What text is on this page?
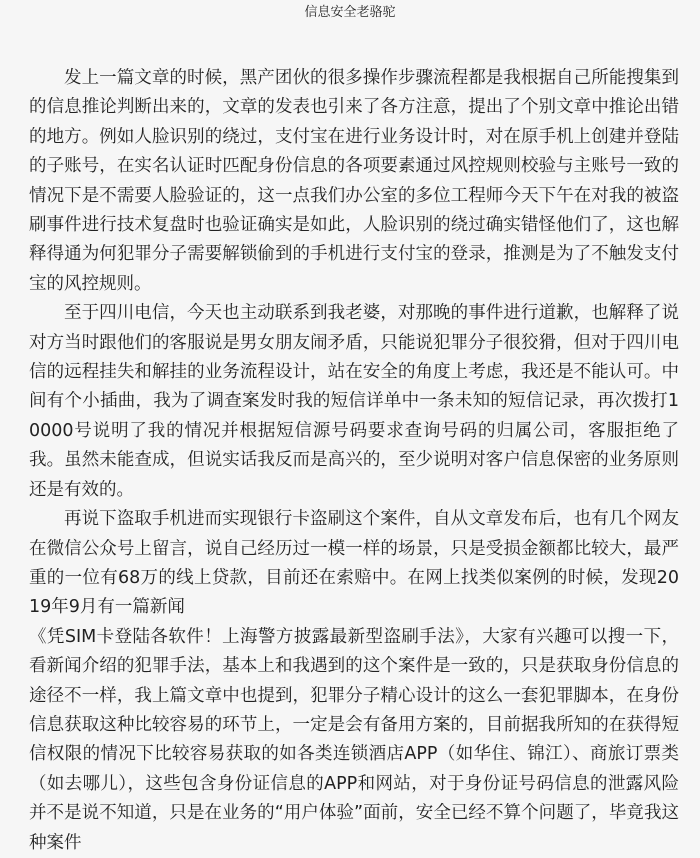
信息安全老骆驼

发上一篇文章的时候，黑产团伙的很多操作步骤流程都是我根据自己所能搜集到的信息推论判断出来的，文章的发表也引来了各方注意，提出了个别文章中推论出错的地方。例如人脸识别的绕过，支付宝在进行业务设计时，对在原手机上创建并登陆的子账号，在实名认证时匹配身份信息的各项要素通过风控规则校验与主账号一致的情况下是不需要人脸验证的，这一点我们办公室的多位工程师今天下午在对我的被盗刷事件进行技术复盘时也验证确实是如此，人脸识别的绕过确实错怪他们了，这也解释得通为何犯罪分子需要解锁偷到的手机进行支付宝的登录，推测是为了不触发支付宝的风控规则。

至于四川电信，今天也主动联系到我老婆，对那晚的事件进行道歉，也解释了说对方当时跟他们的客服说是男女朋友闹矛盾，只能说犯罪分子很狡猾，但对于四川电信的远程挂失和解挂的业务流程设计，站在安全的角度上考虑，我还是不能认可。中间有个小插曲，我为了调查案发时我的短信详单中一条未知的短信记录，再次拨打10000号说明了我的情况并根据短信源号码要求查询号码的归属公司，客服拒绝了我。虽然未能查成，但说实话我反而是高兴的，至少说明对客户信息保密的业务原则还是有效的。

再说下盗取手机进而实现银行卡盗刷这个案件，自从文章发布后，也有几个网友在微信公众号上留言，说自己经历过一模一样的场景，只是受损金额都比较大，最严重的一位有68万的线上贷款，目前还在索赔中。在网上找类似案例的时候，发现2019年9月有一篇新闻

《凭SIM卡登陆各软件！上海警方披露最新型盗刷手法》，大家有兴趣可以搜一下，看新闻介绍的犯罪手法，基本上和我遇到的这个案件是一致的，只是获取身份信息的途径不一样，我上篇文章中也提到，犯罪分子精心设计的这么一套犯罪脚本，在身份信息获取这种比较容易的环节上，一定是会有备用方案的，目前据我所知的在获得短信权限的情况下比较容易获取的如各类连锁酒店APP（如华住、锦江）、商旅订票类（如去哪儿），这些包含身份证信息的APP和网站，对于身份证号码信息的泄露风险并不是说不知道，只是在业务的“用户体验”面前，安全已经不算个问题了，毕竟我这种案件
